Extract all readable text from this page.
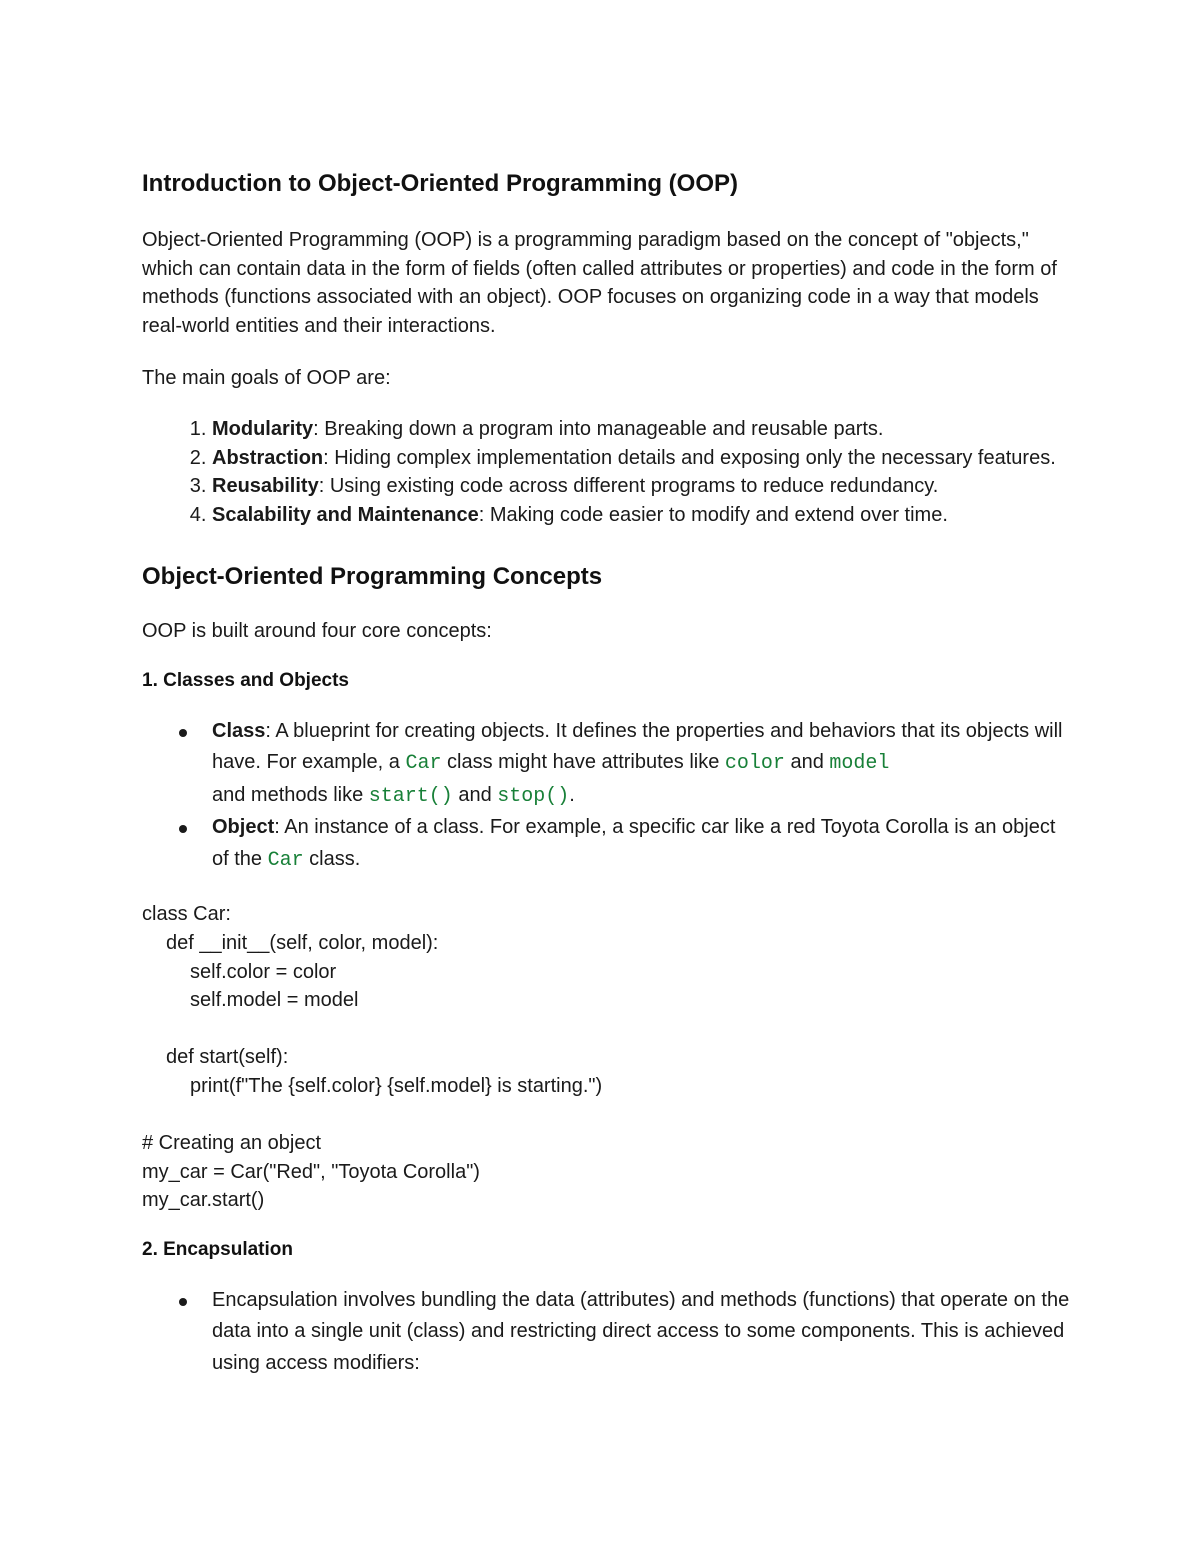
Introduction to Object-Oriented Programming (OOP)

Object-Oriented Programming (OOP) is a programming paradigm based on the concept of "objects," which can contain data in the form of fields (often called attributes or properties) and code in the form of methods (functions associated with an object). OOP focuses on organizing code in a way that models real-world entities and their interactions.

The main goals of OOP are:

1. Modularity: Breaking down a program into manageable and reusable parts.
2. Abstraction: Hiding complex implementation details and exposing only the necessary features.
3. Reusability: Using existing code across different programs to reduce redundancy.
4. Scalability and Maintenance: Making code easier to modify and extend over time.
Object-Oriented Programming Concepts

OOP is built around four core concepts:

1. Classes and Objects
Class: A blueprint for creating objects. It defines the properties and behaviors that its objects will have. For example, a Car class might have attributes like color and model
and methods like start() and stop().
Object: An instance of a class. For example, a specific car like a red Toyota Corolla is an object of the Car class.
class Car:
def __init__(self, color, model):
self.color = color
self.model = model
def start(self):
print(f"The {self.color} {self.model} is starting.")
# Creating an object
my_car = Car("Red", "Toyota Corolla")
my_car.start()
2. Encapsulation
Encapsulation involves bundling the data (attributes) and methods (functions) that operate on the data into a single unit (class) and restricting direct access to some components. This is achieved using access modifiers:
